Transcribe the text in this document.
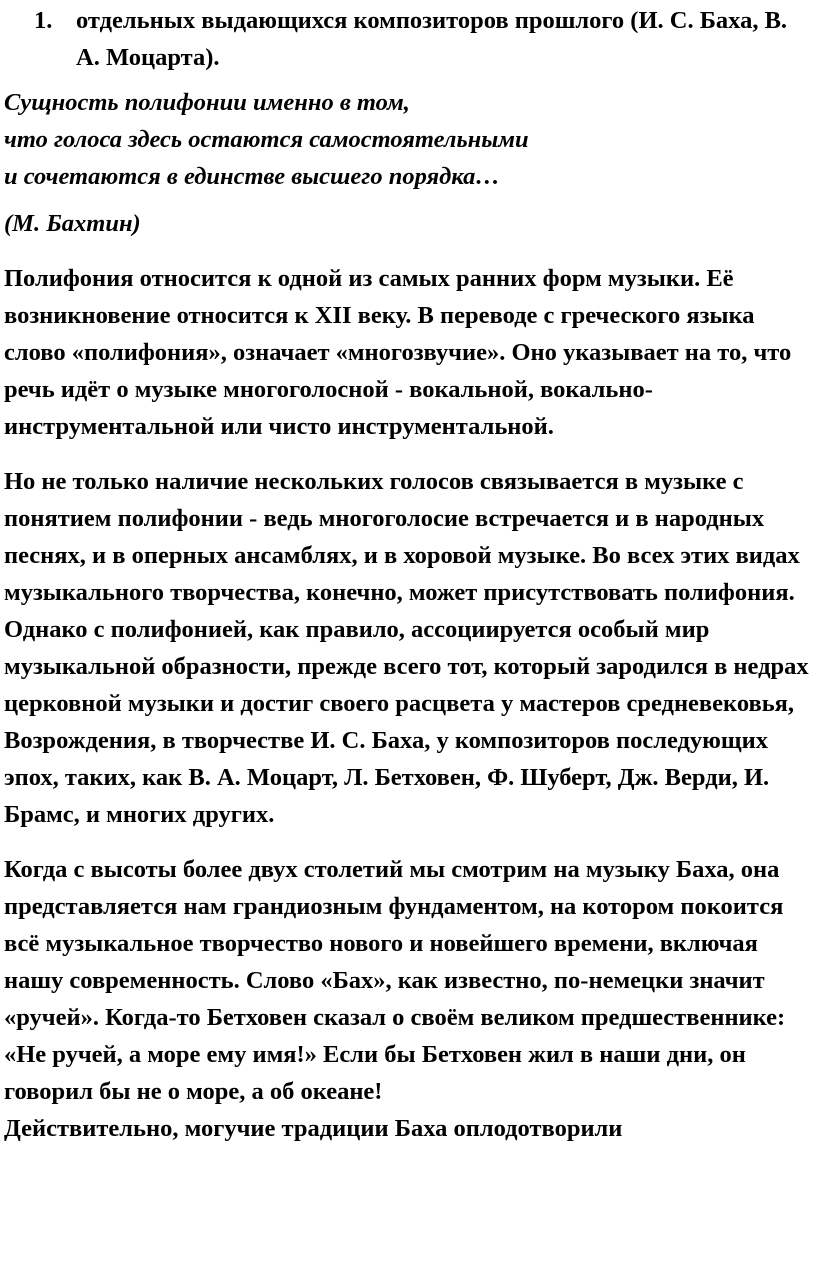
1. отдельных выдающихся композиторов прошлого (И. С. Баха, В. А. Моцарта).
Сущность полифонии именно в том,
что голоса здесь остаются самостоятельными
и сочетаются в единстве высшего порядка…
(М. Бахтин)

Полифония относится к одной из самых ранних форм музыки. Её возникновение относится к XII веку. В переводе с греческого языка слово «полифония», означает «многозвучие». Оно указывает на то, что речь идёт о музыке многоголосной - вокальной, вокально-инструментальной или чисто инструментальной.

Но не только наличие нескольких голосов связывается в музыке с понятием полифонии - ведь многоголосие встречается и в народных песнях, и в оперных ансамблях, и в хоровой музыке. Во всех этих видах музыкального творчества, конечно, может присутствовать полифония. Однако с полифонией, как правило, ассоциируется особый мир музыкальной образности, прежде всего тот, который зародился в недрах церковной музыки и достиг своего расцвета у мастеров средневековья, Возрождения, в творчестве И. С. Баха, у композиторов последующих эпох, таких, как В. А. Моцарт, Л. Бетховен, Ф. Шуберт, Дж. Верди, И. Брамс, и многих других.

Когда с высоты более двух столетий мы смотрим на музыку Баха, она представляется нам грандиозным фундаментом, на котором покоится всё музыкальное творчество нового и новейшего времени, включая нашу современность. Слово «Бах», как известно, по-немецки значит «ручей». Когда-то Бетховен сказал о своём великом предшественнике: «Не ручей, а море ему имя!» Если бы Бетховен жил в наши дни, он говорил бы не о море, а об океане!

Действительно, могучие традиции Баха оплодотворили
